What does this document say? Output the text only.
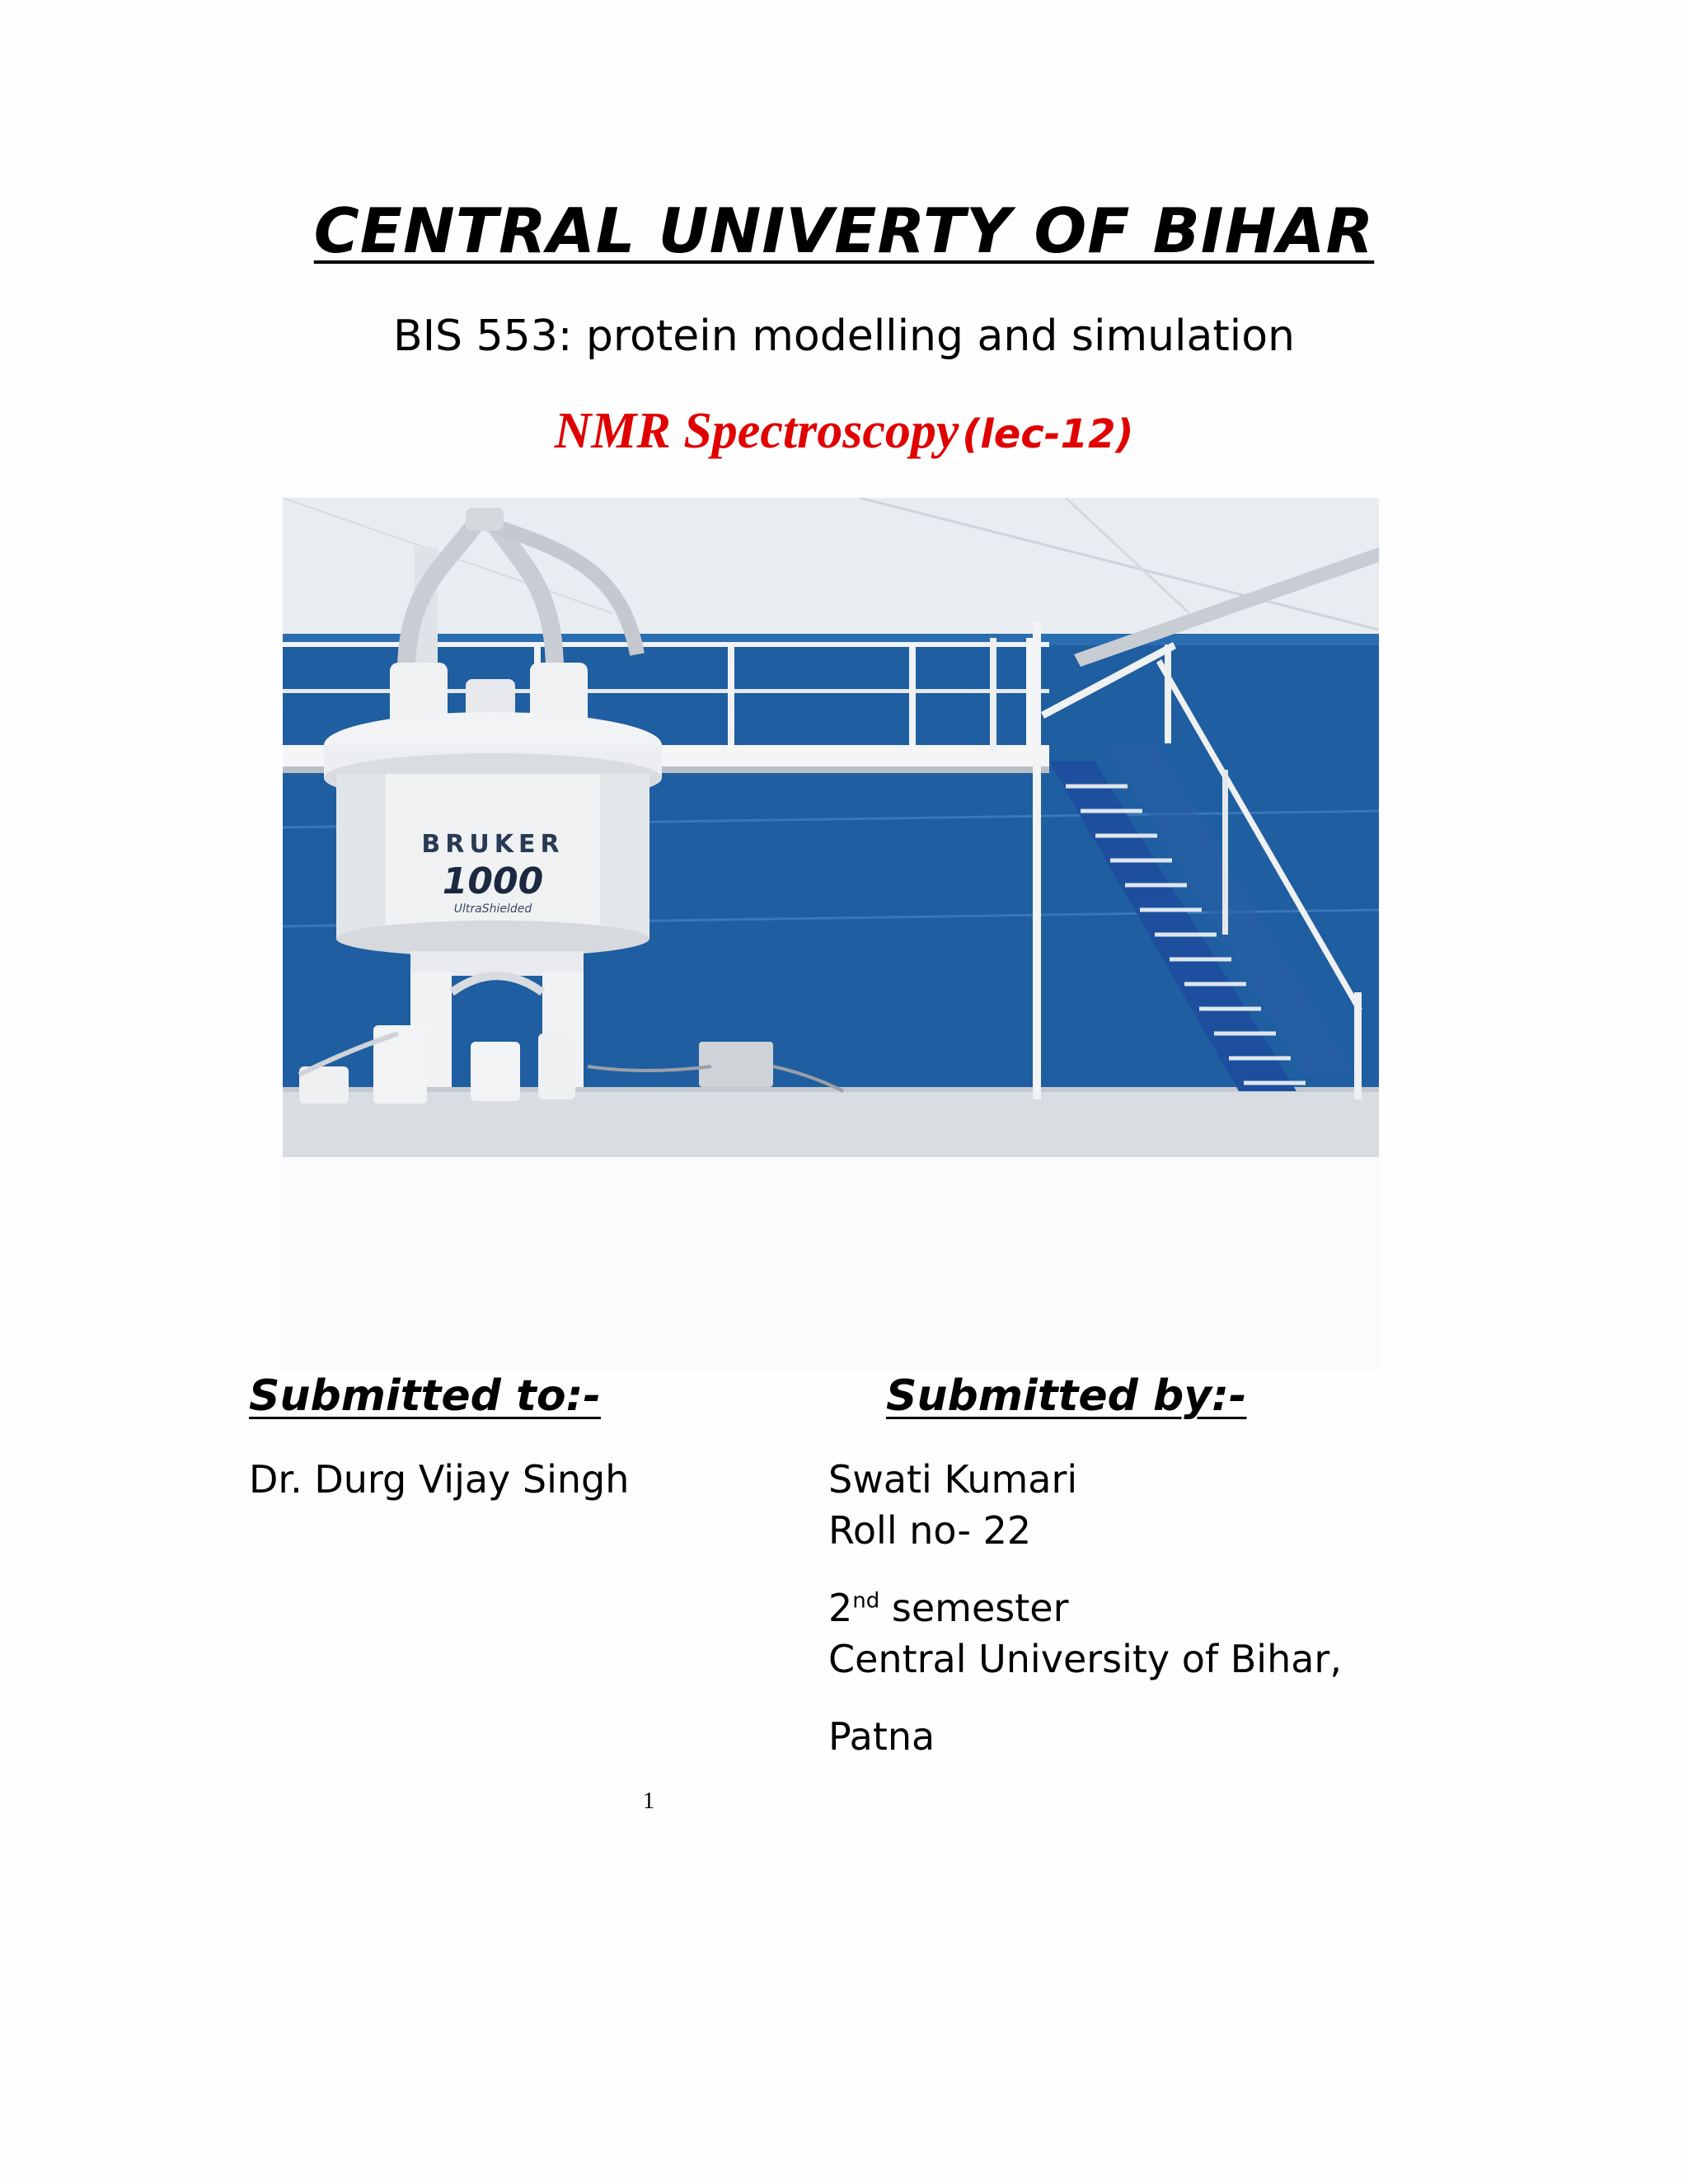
CENTRAL UNIVERTY OF BIHAR
BIS 553: protein modelling and simulation
NMR Spectroscopy (lec-12)
BRUKER
1000
UltraShielded
Submitted to:-	Submitted by:-
Dr. Durg Vijay Singh	Swati Kumari
Roll no- 22
2nd semester
Central University of Bihar,
Patna
1
